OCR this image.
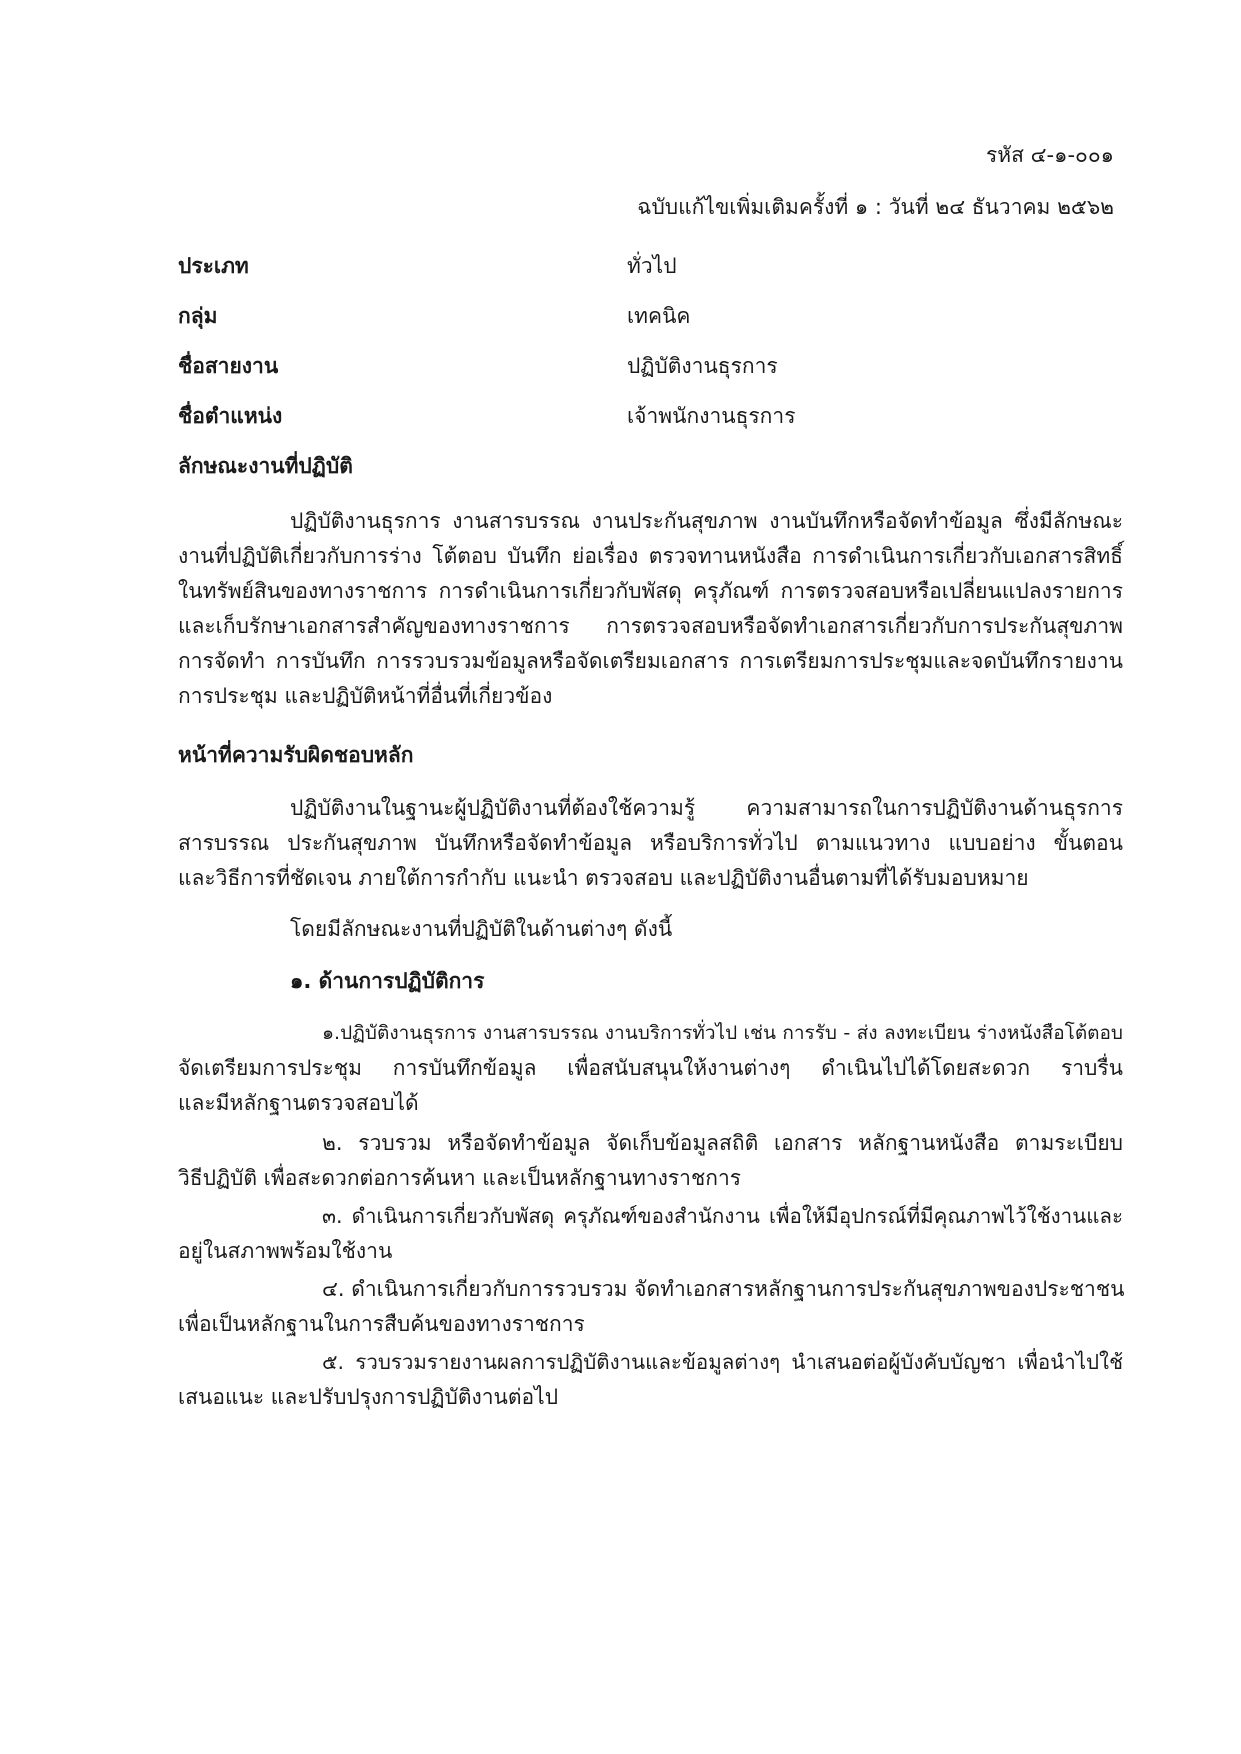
รหัส ๔-๑-๐๐๑
ฉบับแก้ไขเพิ่มเติมครั้งที่ ๑ : วันที่ ๒๔ ธันวาคม ๒๕๖๒
ประเภท	ทั่วไป
กลุ่ม	เทคนิค
ชื่อสายงาน	ปฏิบัติงานธุรการ
ชื่อตำแหน่ง	เจ้าพนักงานธุรการ
ลักษณะงานที่ปฏิบัติ
ปฏิบัติงานธุรการ งานสารบรรณ งานประกันสุขภาพ งานบันทึกหรือจัดทำข้อมูล ซึ่งมีลักษณะ
งานที่ปฏิบัติเกี่ยวกับการร่าง โต้ตอบ บันทึก ย่อเรื่อง ตรวจทานหนังสือ การดำเนินการเกี่ยวกับเอกสารสิทธิ์
ในทรัพย์สินของทางราชการ การดำเนินการเกี่ยวกับพัสดุ ครุภัณฑ์ การตรวจสอบหรือเปลี่ยนแปลงรายการ
และเก็บรักษาเอกสารสำคัญของทางราชการ การตรวจสอบหรือจัดทำเอกสารเกี่ยวกับการประกันสุขภาพ
การจัดทำ การบันทึก การรวบรวมข้อมูลหรือจัดเตรียมเอกสาร การเตรียมการประชุมและจดบันทึกรายงาน
การประชุม และปฏิบัติหน้าที่อื่นที่เกี่ยวข้อง
หน้าที่ความรับผิดชอบหลัก
ปฏิบัติงานในฐานะผู้ปฏิบัติงานที่ต้องใช้ความรู้ ความสามารถในการปฏิบัติงานด้านธุรการ
สารบรรณ ประกันสุขภาพ บันทึกหรือจัดทำข้อมูล หรือบริการทั่วไป ตามแนวทาง แบบอย่าง ขั้นตอน
และวิธีการที่ชัดเจน ภายใต้การกำกับ แนะนำ ตรวจสอบ และปฏิบัติงานอื่นตามที่ได้รับมอบหมาย
โดยมีลักษณะงานที่ปฏิบัติในด้านต่างๆ ดังนี้
๑. ด้านการปฏิบัติการ
๑.ปฏิบัติงานธุรการ งานสารบรรณ งานบริการทั่วไป เช่น การรับ - ส่ง ลงทะเบียน ร่างหนังสือโต้ตอบ
จัดเตรียมการประชุม การบันทึกข้อมูล เพื่อสนับสนุนให้งานต่างๆ ดำเนินไปได้โดยสะดวก ราบรื่น
และมีหลักฐานตรวจสอบได้
๒. รวบรวม หรือจัดทำข้อมูล จัดเก็บข้อมูลสถิติ เอกสาร หลักฐานหนังสือ ตามระเบียบ
วิธีปฏิบัติ เพื่อสะดวกต่อการค้นหา และเป็นหลักฐานทางราชการ
๓. ดำเนินการเกี่ยวกับพัสดุ ครุภัณฑ์ของสำนักงาน เพื่อให้มีอุปกรณ์ที่มีคุณภาพไว้ใช้งานและ
อยู่ในสภาพพร้อมใช้งาน
๔. ดำเนินการเกี่ยวกับการรวบรวม จัดทำเอกสารหลักฐานการประกันสุขภาพของประชาชน
เพื่อเป็นหลักฐานในการสืบค้นของทางราชการ
๕. รวบรวมรายงานผลการปฏิบัติงานและข้อมูลต่างๆ นำเสนอต่อผู้บังคับบัญชา เพื่อนำไปใช้
เสนอแนะ และปรับปรุงการปฏิบัติงานต่อไป
